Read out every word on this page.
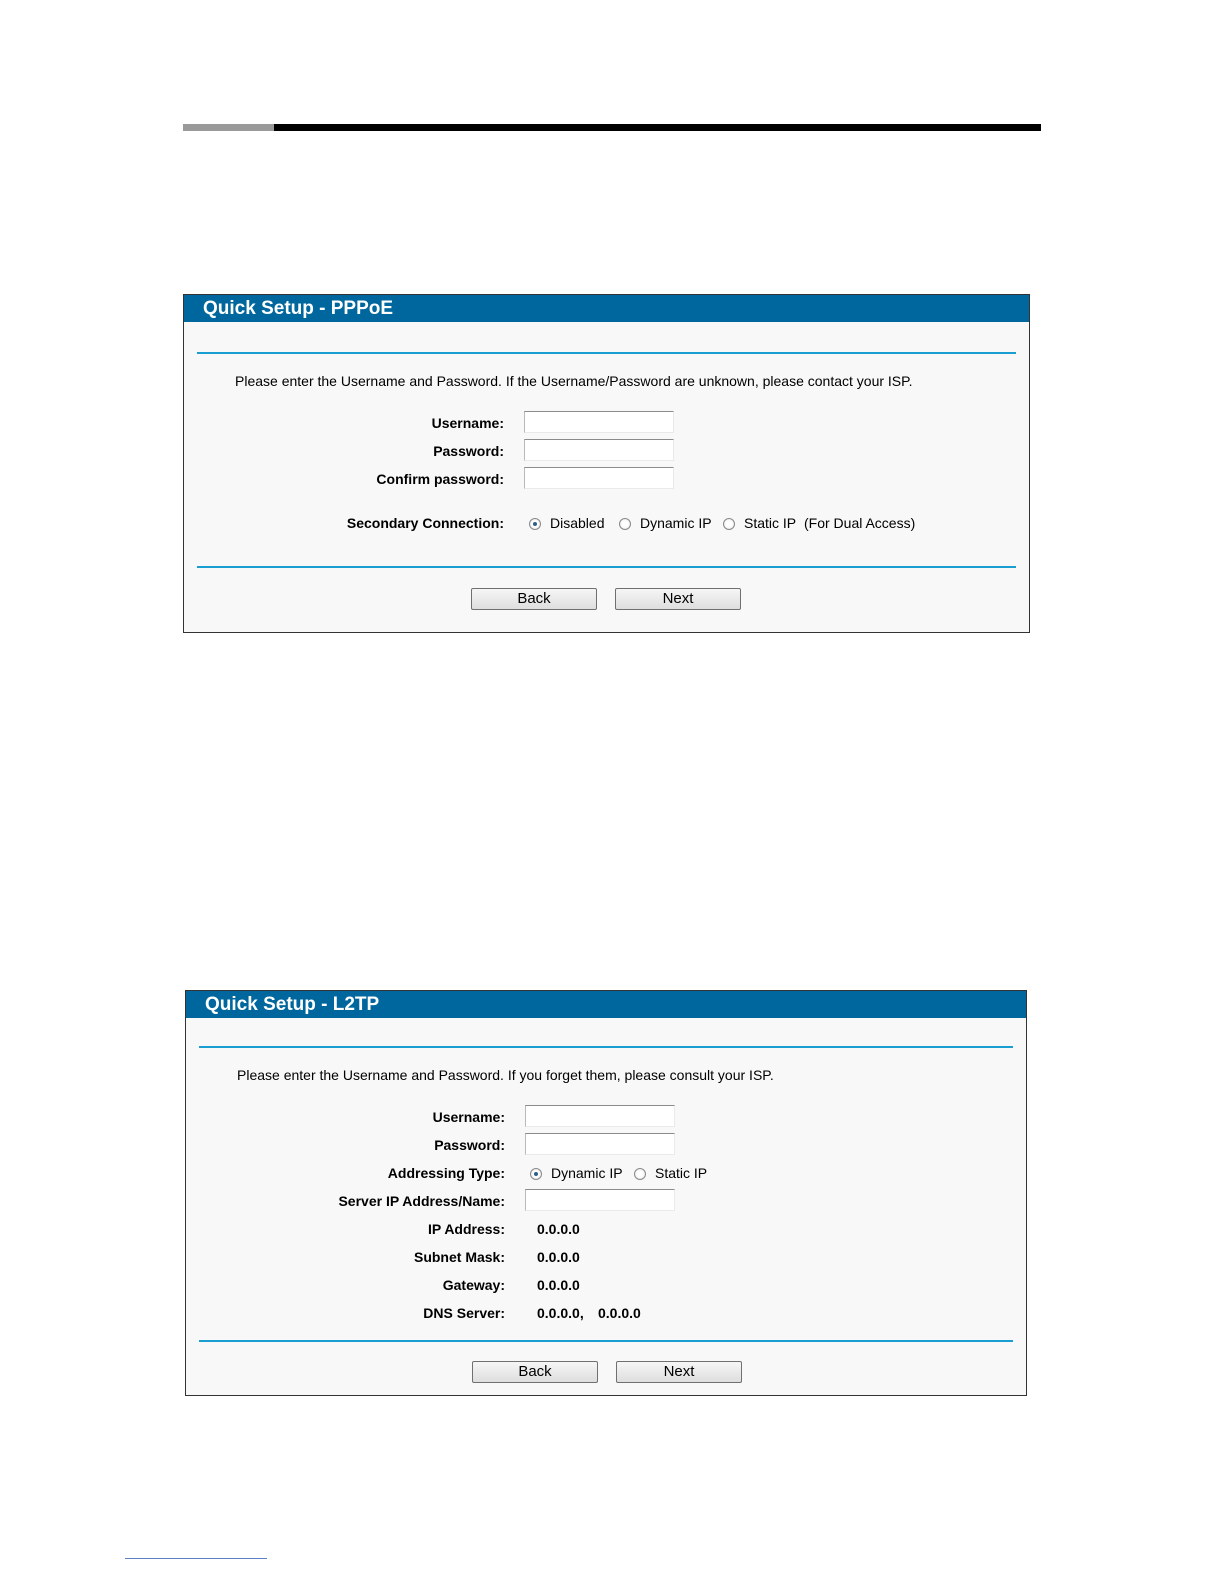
Quick Setup - PPPoE
Please enter the Username and Password. If the Username/Password are unknown, please contact your ISP.
Username:
Password:
Confirm password:
Secondary Connection:	Disabled	Dynamic IP Static IP (For Dual Access)
Back	Next
Quick Setup - L2TP
Please enter the Username and Password. If you forget them, please consult your ISP.
Username:
Password:
Addressing Type:	Dynamic IP Static IP
Server IP Address/Name:
IP Address: 0.0.0.0
Subnet Mask: 0.0.0.0
Gateway: 0.0.0.0
DNS Server: 0.0.0.0, 0.0.0.0
Back	Next
